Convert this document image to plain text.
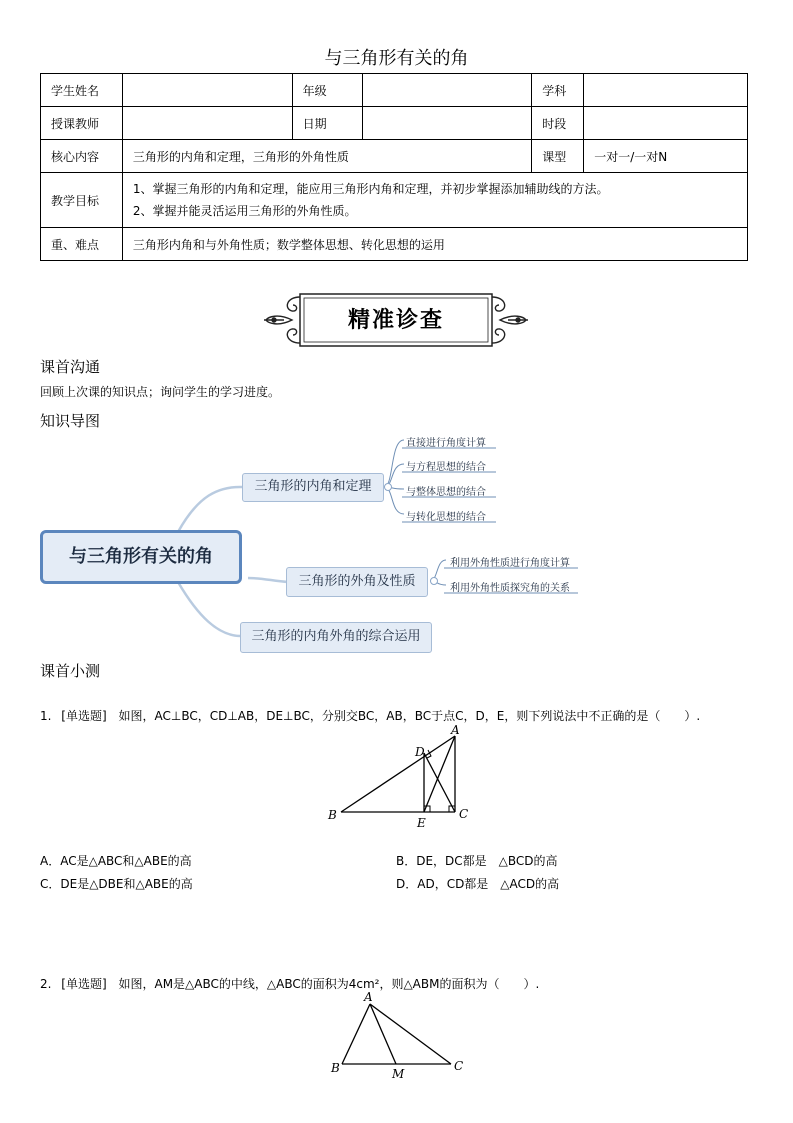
与三角形有关的角
学生姓名		年级		学科	
授课教师		日期		时段	
核心内容	三角形的内角和定理，三角形的外角性质			课型	一对一/一对N
教学目标	1、掌握三角形的内角和定理，能应用三角形内角和定理，并初步掌握添加辅助线的方法。
2、掌握并能灵活运用三角形的外角性质。				

重、难点	三角形内角和与外角性质；数学整体思想、转化思想的运用				
精准诊查
课首沟通
回顾上次课的知识点；询问学生的学习进度。
知识导图
与三角形有关的角
三角形的内角和定理
三角形的外角及性质
三角形的内角外角的综合运用
直接进行角度计算
与方程思想的结合
与整体思想的结合
与转化思想的结合
利用外角性质进行角度计算
利用外角性质探究角的关系
课首小测
1. [单选题] 如图，AC⊥BC，CD⊥AB，DE⊥BC，分别交BC，AB，BC于点C，D，E，则下列说法中不正确的是（　　）.
A
B	C
D
E
A．AC是△ABC和△ABE的高	B．DE，DC都是　△BCD的高
C．DE是△DBE和△ABE的高	D．AD，CD都是　△ACD的高
2. [单选题] 如图，AM是△ABC的中线，△ABC的面积为4cm²，则△ABM的面积为（　　）.
A
B	M
C
